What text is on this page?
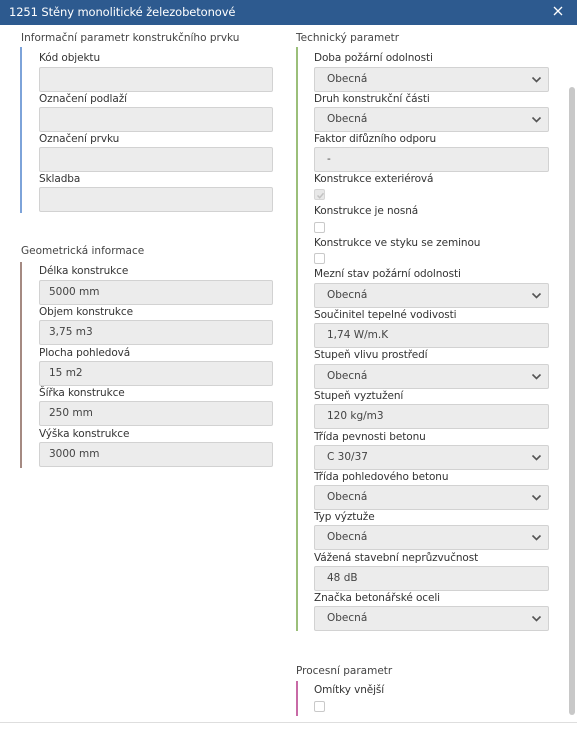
1251 Stěny monolitické železobetonové
Informační parametr konstrukčního prvku
Kód objektu
Označení podlaží
Označení prvku
Skladba
Geometrická informace
Délka konstrukce
5000 mm
Objem konstrukce
3,75 m3
Plocha pohledová
15 m2
Šířka konstrukce
250 mm
Výška konstrukce
3000 mm
Technický parametr
Doba požární odolnosti
Obecná
Druh konstrukční části
Obecná
Faktor difůzního odporu
-
Konstrukce exteriérová
Konstrukce je nosná
Konstrukce ve styku se zeminou
Mezní stav požární odolnosti
Obecná
Součinitel tepelné vodivosti
1,74 W/m.K
Stupeň vlivu prostředí
Obecná
Stupeň vyztužení
120 kg/m3
Třída pevnosti betonu
C 30/37
Třída pohledového betonu
Obecná
Typ výztuže
Obecná
Vážená stavební neprůzvučnost
48 dB
Značka betonářské oceli
Obecná
Procesní parametr
Omítky vnější
